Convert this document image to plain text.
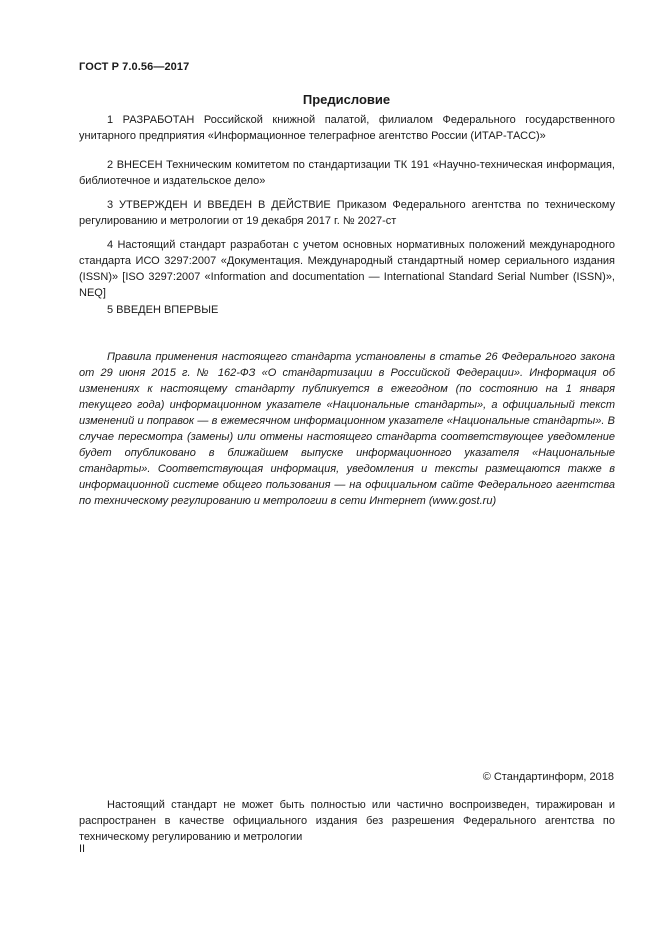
ГОСТ Р 7.0.56—2017
Предисловие

1 РАЗРАБОТАН Российской книжной палатой, филиалом Федерального государственного унитарного предприятия «Информационное телеграфное агентство России (ИТАР-ТАСС)»

2 ВНЕСЕН Техническим комитетом по стандартизации ТК 191 «Научно-техническая информация, библиотечное и издательское дело»

3 УТВЕРЖДЕН И ВВЕДЕН В ДЕЙСТВИЕ Приказом Федерального агентства по техническому регулированию и метрологии от 19 декабря 2017 г. № 2027-ст

4 Настоящий стандарт разработан с учетом основных нормативных положений международного стандарта ИСО 3297:2007 «Документация. Международный стандартный номер сериального издания (ISSN)» [ISO 3297:2007 «Information and documentation — International Standard Serial Number (ISSN)», NEQ]

5 ВВЕДЕН ВПЕРВЫЕ

Правила применения настоящего стандарта установлены в статье 26 Федерального закона от 29 июня 2015 г. № 162-ФЗ «О стандартизации в Российской Федерации». Информация об изменениях к настоящему стандарту публикуется в ежегодном (по состоянию на 1 января текущего года) информационном указателе «Национальные стандарты», а официальный текст изменений и поправок — в ежемесячном информационном указателе «Национальные стандарты». В случае пересмотра (замены) или отмены настоящего стандарта соответствующее уведомление будет опубликовано в ближайшем выпуске информационного указателя «Национальные стандарты». Соответствующая информация, уведомления и тексты размещаются также в информационной системе общего пользования — на официальном сайте Федерального агентства по техническому регулированию и метрологии в сети Интернет (www.gost.ru)

© Стандартинформ, 2018

Настоящий стандарт не может быть полностью или частично воспроизведен, тиражирован и распространен в качестве официального издания без разрешения Федерального агентства по техническому регулированию и метрологии

II
